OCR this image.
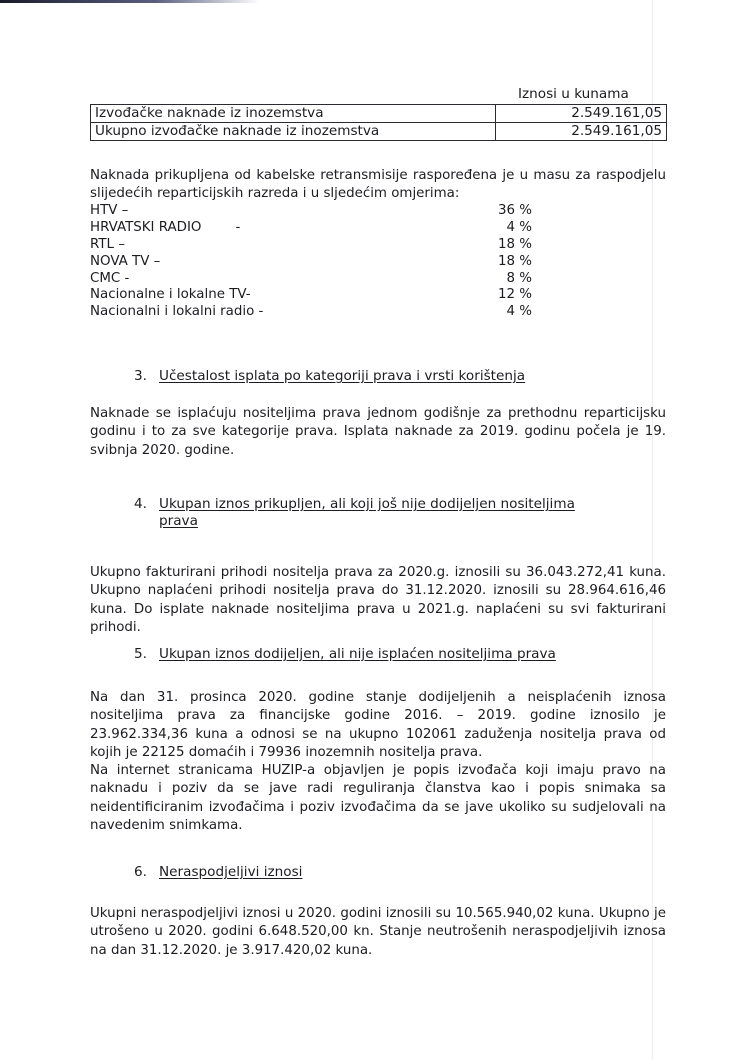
Iznosi u kunama
Izvođačke naknade iz inozemstva	2.549.161,05
Ukupno izvođačke naknade iz inozemstva	2.549.161,05

Naknada prikupljena od kabelske retransmisije raspoređena je u masu za raspodjelu slijedećih reparticijskih razreda i u sljedećim omjerima:

HTV –	36 %
HRVATSKI RADIO        -	4 %
RTL –	18 %
NOVA TV –	18 %
CMC -	8 %
Nacionalne i lokalne TV-	12 %
Nacionalni i lokalni radio -	4 %
3. Učestalost isplata po kategoriji prava i vrsti korištenja

Naknade se isplaćuju nositeljima prava jednom godišnje za prethodnu reparticijsku godinu i to za sve kategorije prava. Isplata naknade za 2019. godinu počela je 19. svibnja 2020. godine.

4. Ukupan iznos prikupljen, ali koji još nije dodijeljen nositeljima
prava

Ukupno fakturirani prihodi nositelja prava za 2020.g. iznosili su 36.043.272,41 kuna. Ukupno naplaćeni prihodi nositelja prava do 31.12.2020. iznosili su 28.964.616,46 kuna. Do isplate naknade nositeljima prava u 2021.g. naplaćeni su svi fakturirani prihodi.

5. Ukupan iznos dodijeljen, ali nije isplaćen nositeljima prava

Na dan 31. prosinca 2020. godine stanje dodijeljenih a neisplaćenih iznosa nositeljima prava za financijske godine 2016. – 2019. godine iznosilo je 23.962.334,36 kuna a odnosi se na ukupno 102061 zaduženja nositelja prava od kojih je 22125 domaćih i 79936 inozemnih nositelja prava.

Na internet stranicama HUZIP-a objavljen je popis izvođača koji imaju pravo na naknadu i poziv da se jave radi reguliranja članstva kao i popis snimaka sa neidentificiranim izvođačima i poziv izvođačima da se jave ukoliko su sudjelovali na navedenim snimkama.

6. Neraspodjeljivi iznosi

Ukupni neraspodjeljivi iznosi u 2020. godini iznosili su 10.565.940,02 kuna. Ukupno je utrošeno u 2020. godini 6.648.520,00 kn. Stanje neutrošenih neraspodjeljivih iznosa na dan 31.12.2020. je 3.917.420,02 kuna.
